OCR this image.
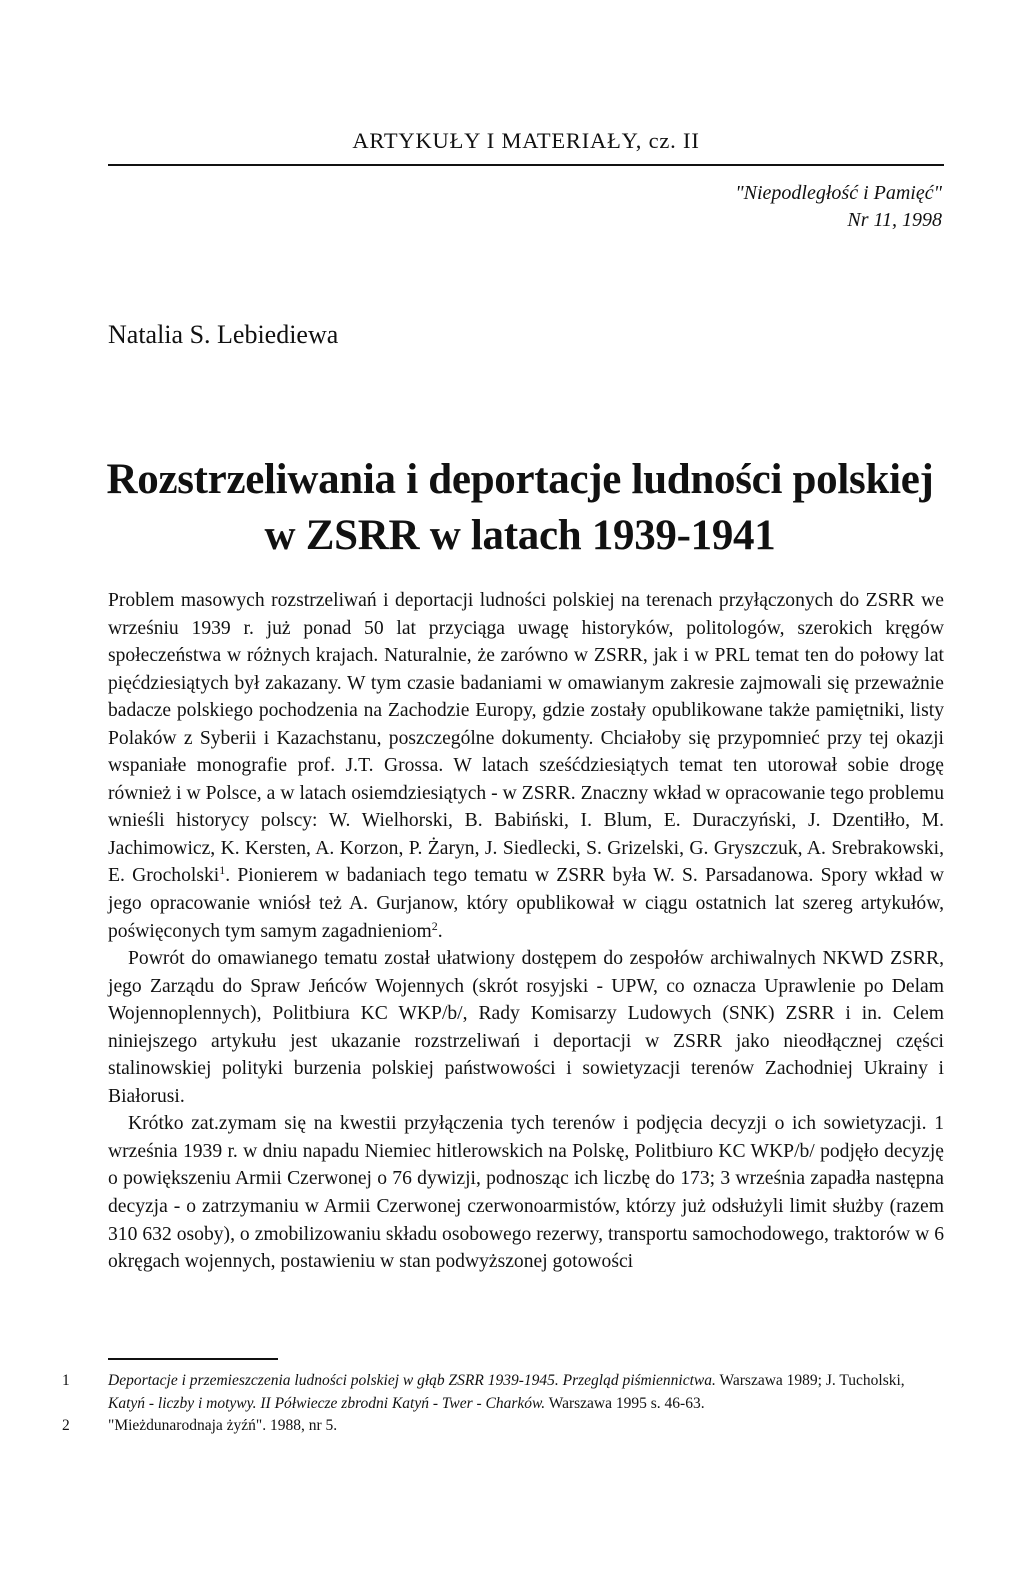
ARTYKUŁY I MATERIAŁY, cz. II
"Niepodległość i Pamięć"
Nr 11, 1998
Natalia S. Lebiediewa
Rozstrzeliwania i deportacje ludności polskiej
w ZSRR w latach 1939-1941

Problem masowych rozstrzeliwań i deportacji ludności polskiej na terenach przyłączonych do ZSRR we wrześniu 1939 r. już ponad 50 lat przyciąga uwagę historyków, politologów, szerokich kręgów społeczeństwa w różnych krajach. Naturalnie, że zarówno w ZSRR, jak i w PRL temat ten do połowy lat pięćdziesiątych był zakazany. W tym czasie badaniami w omawianym zakresie zajmowali się przeważnie badacze polskiego pochodzenia na Zachodzie Europy, gdzie zostały opublikowane także pamiętniki, listy Polaków z Syberii i Kazachstanu, poszczególne dokumenty. Chciałoby się przypomnieć przy tej okazji wspaniałe monografie prof. J.T. Grossa. W latach sześćdziesiątych temat ten utorował sobie drogę również i w Polsce, a w latach osiemdziesiątych - w ZSRR. Znaczny wkład w opracowanie tego problemu wnieśli historycy polscy: W. Wielhorski, B. Babiński, I. Blum, E. Duraczyński, J. Dzentiłło, M. Jachimowicz, K. Kersten, A. Korzon, P. Żaryn, J. Siedlecki, S. Grizelski, G. Gryszczuk, A. Srebrakowski, E. Grocholski$^1$. Pionierem w badaniach tego tematu w ZSRR była W. S. Parsadanowa. Spory wkład w jego opracowanie wniósł też A. Gurjanow, który opublikował w ciągu ostatnich lat szereg artykułów, poświęconych tym samym zagadnieniom$^2$.

Powrót do omawianego tematu został ułatwiony dostępem do zespołów archiwalnych NKWD ZSRR, jego Zarządu do Spraw Jeńców Wojennych (skrót rosyjski - UPW, co oznacza Uprawlenie po Delam Wojennoplennych), Politbiura KC WKP/b/, Rady Komisarzy Ludowych (SNK) ZSRR i in. Celem niniejszego artykułu jest ukazanie rozstrzeliwań i deportacji w ZSRR jako nieodłącznej części stalinowskiej polityki burzenia polskiej państwowości i sowietyzacji terenów Zachodniej Ukrainy i Białorusi.

Krótko zat.zymam się na kwestii przyłączenia tych terenów i podjęcia decyzji o ich sowietyzacji. 1 września 1939 r. w dniu napadu Niemiec hitlerowskich na Polskę, Politbiuro KC WKP/b/ podjęło decyzję o powiększeniu Armii Czerwonej o 76 dywizji, podnosząc ich liczbę do 173; 3 września zapadła następna decyzja - o zatrzymaniu w Armii Czerwonej czerwonoarmistów, którzy już odsłużyli limit służby (razem 310 632 osoby), o zmobilizowaniu składu osobowego rezerwy, transportu samochodowego, traktorów w 6 okręgach wojennych, postawieniu w stan podwyższonej gotowości

1 Deportacje i przemieszczenia ludności polskiej w głąb ZSRR 1939-1945. Przegląd piśmiennictwa. Warszawa 1989; J. Tucholski, Katyń - liczby i motywy. II Półwiecze zbrodni Katyń - Twer - Charków. Warszawa 1995 s. 46-63.
2 "Mieżdunarodnaja żyźń". 1988, nr 5.
